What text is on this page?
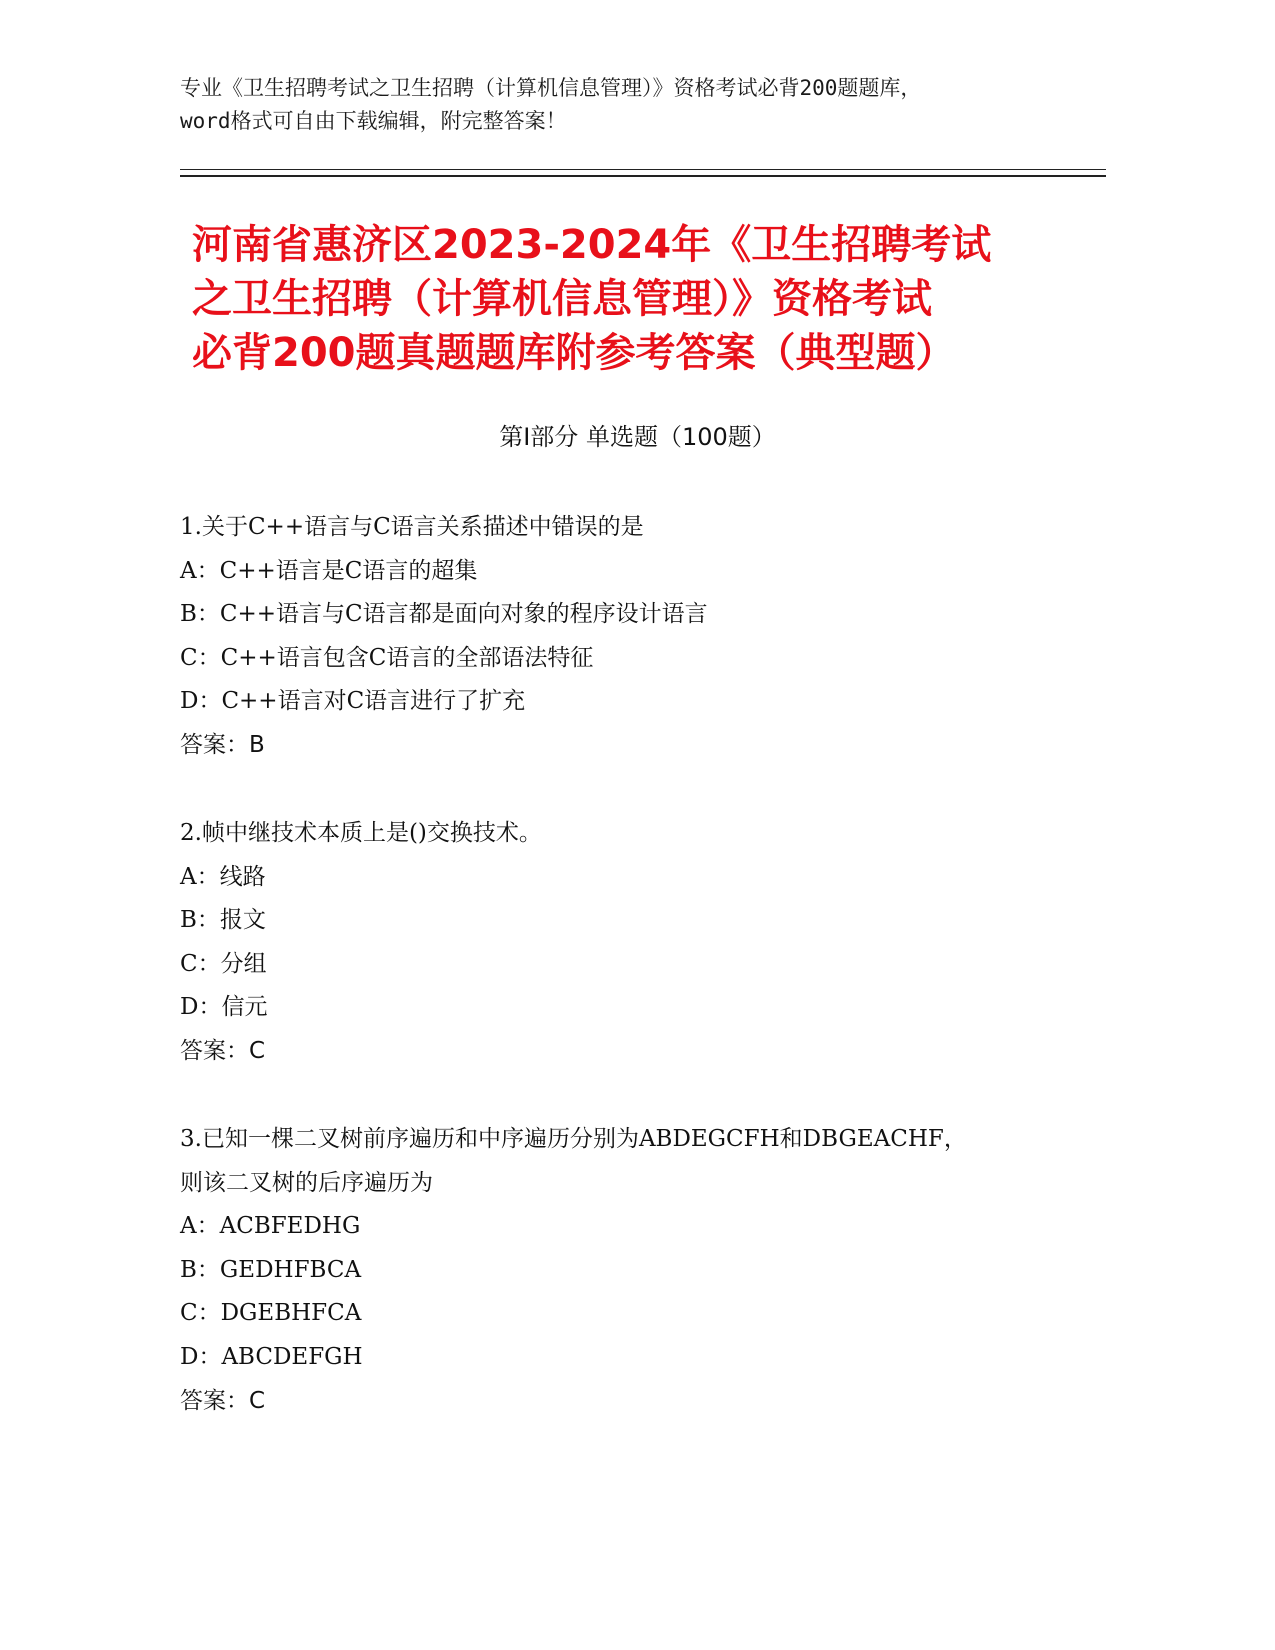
专业《卫生招聘考试之卫生招聘（计算机信息管理）》资格考试必背200题题库，
word格式可自由下载编辑，附完整答案！
河南省惠济区2023-2024年《卫生招聘考试
之卫生招聘（计算机信息管理）》资格考试
必背200题真题题库附参考答案（典型题）
第Ⅰ部分 单选题（100题）
1.关于C++语言与C语言关系描述中错误的是
A：C++语言是C语言的超集
B：C++语言与C语言都是面向对象的程序设计语言
C：C++语言包含C语言的全部语法特征
D：C++语言对C语言进行了扩充
答案：B
2.帧中继技术本质上是()交换技术。
A：线路
B：报文
C：分组
D：信元
答案：C
3.已知一棵二叉树前序遍历和中序遍历分别为ABDEGCFH和DBGEACHF，
则该二叉树的后序遍历为
A：ACBFEDHG
B：GEDHFBCA
C：DGEBHFCA
D：ABCDEFGH
答案：C
